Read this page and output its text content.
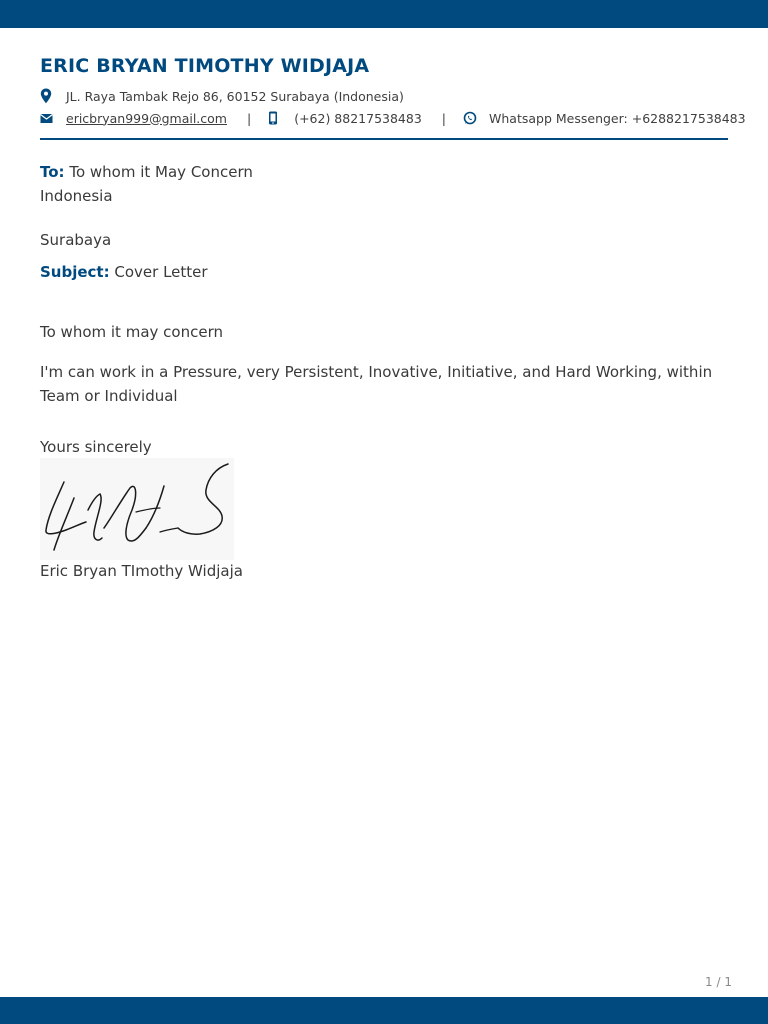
ERIC BRYAN TIMOTHY WIDJAJA
JL. Raya Tambak Rejo 86, 60152 Surabaya (Indonesia)
ericbryan999@gmail.com |	(+62) 88217538483 |	Whatsapp Messenger: +6288217538483
To: To whom it May Concern
Indonesia
Surabaya
Subject: Cover Letter
To whom it may concern
I'm can work in a Pressure, very Persistent, Inovative, Initiative, and Hard Working, within Team or Individual
Yours sincerely
Eric Bryan TImothy Widjaja
1 / 1
